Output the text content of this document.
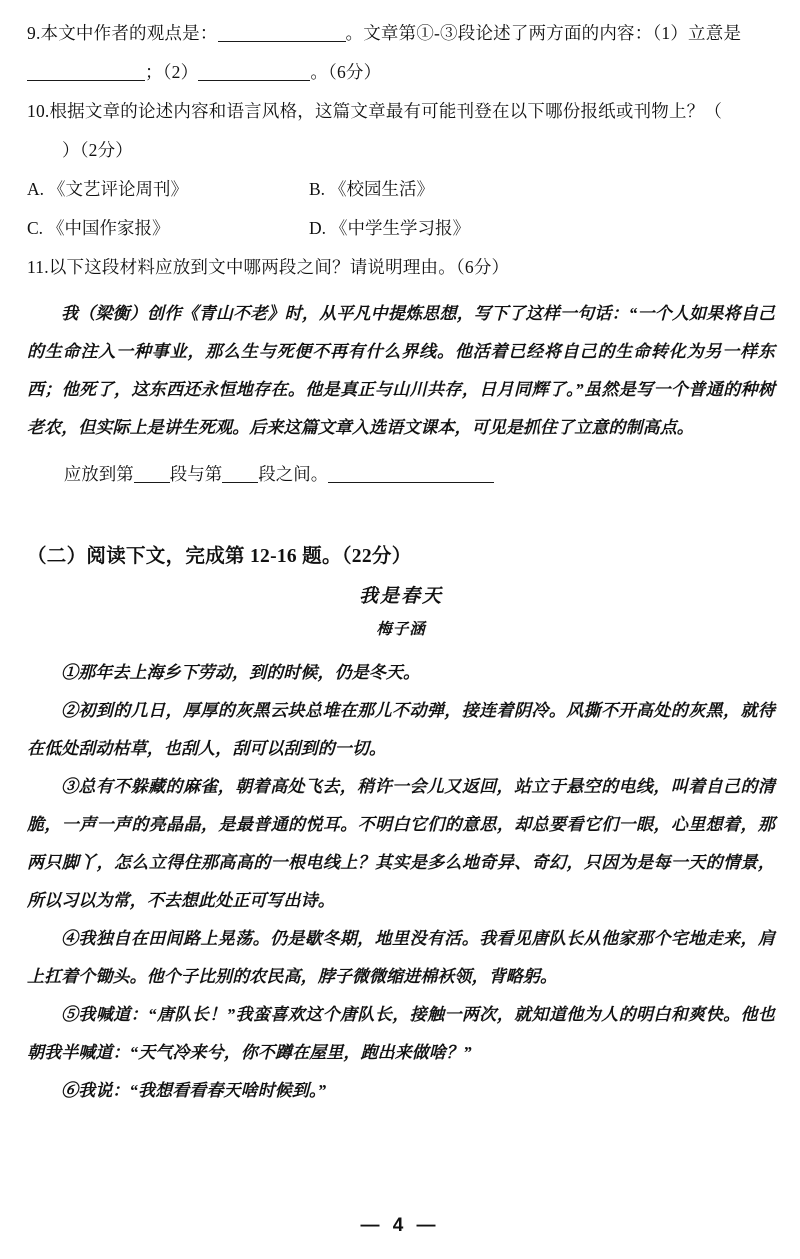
9.本文中作者的观点是：	。文章第①-③段论述了两方面的内容：（1）立意是
；（2）	。（6分）
10.根据文章的论述内容和语言风格，这篇文章最有可能刊登在以下哪份报纸或刊物上？（
）（2分）
A. 《文艺评论周刊》	B. 《校园生活》
C. 《中国作家报》	D. 《中学生学习报》
11.以下这段材料应放到文中哪两段之间？请说明理由。（6分）
我（梁衡）创作《青山不老》时，从平凡中提炼思想，写下了这样一句话：“一个人如果将自己的生命注入一种事业，那么生与死便不再有什么界线。他活着已经将自己的生命转化为另一样东西；他死了，这东西还永恒地存在。他是真正与山川共存，日月同辉了。”虽然是写一个普通的种树老农，但实际上是讲生死观。后来这篇文章入选语文课本，可见是抓住了立意的制高点。
应放到第 段与第 段之间。
（二）阅读下文，完成第 12-16 题。（22分）
我是春天
梅子涵
①那年去上海乡下劳动，到的时候，仍是冬天。
②初到的几日，厚厚的灰黑云块总堆在那儿不动弹，接连着阴冷。风撕不开高处的灰黑，就待在低处刮动枯草，也刮人，刮可以刮到的一切。
③总有不躲藏的麻雀，朝着高处飞去，稍许一会儿又返回，站立于悬空的电线，叫着自己的清脆，一声一声的亮晶晶，是最普通的悦耳。不明白它们的意思，却总要看它们一眼，心里想着，那两只脚丫，怎么立得住那高高的一根电线上？其实是多么地奇异、奇幻，只因为是每一天的情景，所以习以为常，不去想此处正可写出诗。
④我独自在田间路上晃荡。仍是歇冬期，地里没有活。我看见唐队长从他家那个宅地走来，肩上扛着个锄头。他个子比别的农民高，脖子微微缩进棉袄领，背略躬。
⑤我喊道：“唐队长！”我蛮喜欢这个唐队长，接触一两次，就知道他为人的明白和爽快。他也朝我半喊道：“天气冷来兮，你不蹲在屋里，跑出来做啥？”
⑥我说：“我想看看春天啥时候到。”
— 4 —
